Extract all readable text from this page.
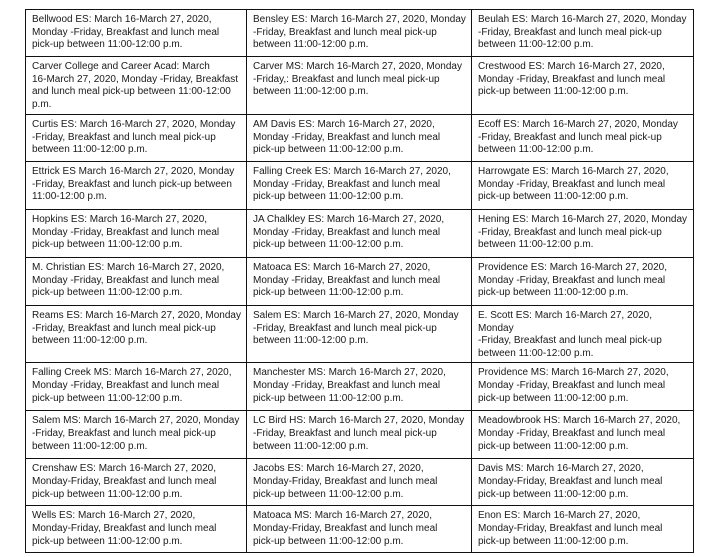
Bellwood ES: March 16-March 27, 2020,
Monday -Friday, Breakfast and lunch meal
pick-up between 11:00-12:00 p.m.	Bensley ES: March 16-March 27, 2020, Monday
-Friday, Breakfast and lunch meal pick-up
between 11:00-12:00 p.m.	Beulah ES: March 16-March 27, 2020, Monday
-Friday, Breakfast and lunch meal pick-up
between 11:00-12:00 p.m.
Carver College and Career Acad: March
16-March 27, 2020, Monday -Friday, Breakfast
and lunch meal pick-up between 11:00-12:00
p.m.	Carver MS: March 16-March 27, 2020, Monday
-Friday,: Breakfast and lunch meal pick-up
between 11:00-12:00 p.m.	Crestwood ES: March 16-March 27, 2020,
Monday -Friday, Breakfast and lunch meal
pick-up between 11:00-12:00 p.m.
Curtis ES: March 16-March 27, 2020, Monday
-Friday, Breakfast and lunch meal pick-up
between 11:00-12:00 p.m.	AM Davis ES: March 16-March 27, 2020,
Monday -Friday, Breakfast and lunch meal
pick-up between 11:00-12:00 p.m.	Ecoff ES: March 16-March 27, 2020, Monday
-Friday, Breakfast and lunch meal pick-up
between 11:00-12:00 p.m.
Ettrick ES March 16-March 27, 2020, Monday
-Friday, Breakfast and lunch pick-up between
11:00-12:00 p.m.	Falling Creek ES: March 16-March 27, 2020,
Monday -Friday, Breakfast and lunch meal
pick-up between 11:00-12:00 p.m.	Harrowgate ES: March 16-March 27, 2020,
Monday -Friday, Breakfast and lunch meal
pick-up between 11:00-12:00 p.m.
Hopkins ES: March 16-March 27, 2020,
Monday -Friday, Breakfast and lunch meal
pick-up between 11:00-12:00 p.m.	JA Chalkley ES: March 16-March 27, 2020,
Monday -Friday, Breakfast and lunch meal
pick-up between 11:00-12:00 p.m.	Hening ES: March 16-March 27, 2020, Monday
-Friday, Breakfast and lunch meal pick-up
between 11:00-12:00 p.m.
M. Christian ES: March 16-March 27, 2020,
Monday -Friday, Breakfast and lunch meal
pick-up between 11:00-12:00 p.m.	Matoaca ES: March 16-March 27, 2020,
Monday -Friday, Breakfast and lunch meal
pick-up between 11:00-12:00 p.m.	Providence ES: March 16-March 27, 2020,
Monday -Friday, Breakfast and lunch meal
pick-up between 11:00-12:00 p.m.
Reams ES: March 16-March 27, 2020, Monday
-Friday, Breakfast and lunch meal pick-up
between 11:00-12:00 p.m.	Salem ES: March 16-March 27, 2020, Monday
-Friday, Breakfast and lunch meal pick-up
between 11:00-12:00 p.m.	E. Scott ES: March 16-March 27, 2020, Monday
-Friday, Breakfast and lunch meal pick-up
between 11:00-12:00 p.m.
Falling Creek MS: March 16-March 27, 2020,
Monday -Friday, Breakfast and lunch meal
pick-up between 11:00-12:00 p.m.	Manchester MS: March 16-March 27, 2020,
Monday -Friday, Breakfast and lunch meal
pick-up between 11:00-12:00 p.m.	Providence MS: March 16-March 27, 2020,
Monday -Friday, Breakfast and lunch meal
pick-up between 11:00-12:00 p.m.
Salem MS: March 16-March 27, 2020, Monday
-Friday, Breakfast and lunch meal pick-up
between 11:00-12:00 p.m.	LC Bird HS: March 16-March 27, 2020, Monday
-Friday, Breakfast and lunch meal pick-up
between 11:00-12:00 p.m.	Meadowbrook HS: March 16-March 27, 2020,
Monday -Friday, Breakfast and lunch meal
pick-up between 11:00-12:00 p.m.
Crenshaw ES: March 16-March 27, 2020,
Monday-Friday, Breakfast and lunch meal
pick-up between 11:00-12:00 p.m.	Jacobs ES: March 16-March 27, 2020,
Monday-Friday, Breakfast and lunch meal
pick-up between 11:00-12:00 p.m.	Davis MS: March 16-March 27, 2020,
Monday-Friday, Breakfast and lunch meal
pick-up between 11:00-12:00 p.m.
Wells ES: March 16-March 27, 2020,
Monday-Friday, Breakfast and lunch meal
pick-up between 11:00-12:00 p.m.	Matoaca MS: March 16-March 27, 2020,
Monday-Friday, Breakfast and lunch meal
pick-up between 11:00-12:00 p.m.	Enon ES: March 16-March 27, 2020,
Monday-Friday, Breakfast and lunch meal
pick-up between 11:00-12:00 p.m.
